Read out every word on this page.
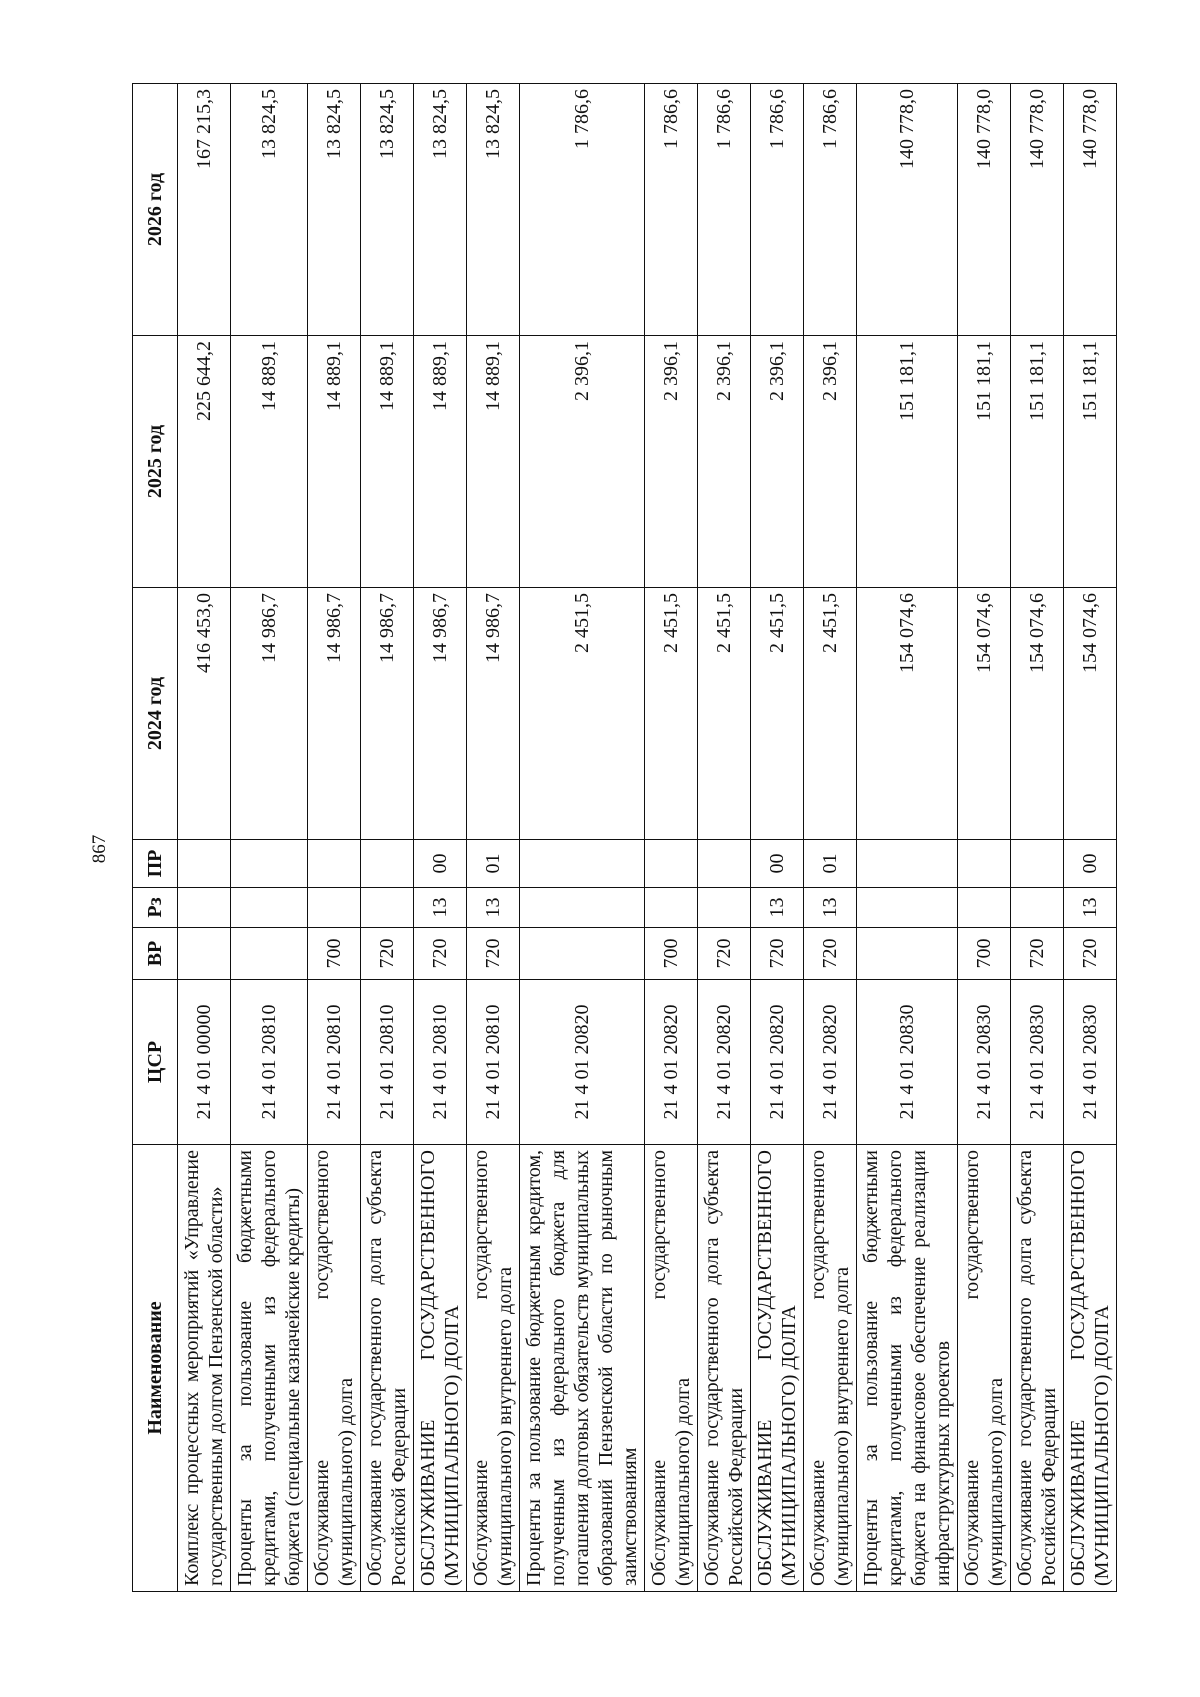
867
Наименование	ЦСР	ВР	Рз	ПР	2024 год	2025 год	2026 год
Комплекс процессных мероприятий «Управление государственным долгом Пензенской области»	21 4 01 00000				416 453,0	225 644,2	167 215,3
Проценты за пользование бюджетными кредитами, полученными из федерального бюджета (специальные казначейские кредиты)	21 4 01 20810				14 986,7	14 889,1	13 824,5
Обслуживание государственного (муниципального) долга	21 4 01 20810	700			14 986,7	14 889,1	13 824,5
Обслуживание государственного долга субъекта Российской Федерации	21 4 01 20810	720			14 986,7	14 889,1	13 824,5
ОБСЛУЖИВАНИЕ ГОСУДАРСТВЕННОГО (МУНИЦИПАЛЬНОГО) ДОЛГА	21 4 01 20810	720	13	00	14 986,7	14 889,1	13 824,5
Обслуживание государственного (муниципального) внутреннего долга	21 4 01 20810	720	13	01	14 986,7	14 889,1	13 824,5
Проценты за пользование бюджетным кредитом, полученным из федерального бюджета для погашения долговых обязательств муниципальных образований Пензенской области по рыночным заимствованиям	21 4 01 20820				2 451,5	2 396,1	1 786,6
Обслуживание государственного (муниципального) долга	21 4 01 20820	700			2 451,5	2 396,1	1 786,6
Обслуживание государственного долга субъекта Российской Федерации	21 4 01 20820	720			2 451,5	2 396,1	1 786,6
ОБСЛУЖИВАНИЕ ГОСУДАРСТВЕННОГО (МУНИЦИПАЛЬНОГО) ДОЛГА	21 4 01 20820	720	13	00	2 451,5	2 396,1	1 786,6
Обслуживание государственного (муниципального) внутреннего долга	21 4 01 20820	720	13	01	2 451,5	2 396,1	1 786,6
Проценты за пользование бюджетными кредитами, полученными из федерального бюджета на финансовое обеспечение реализации инфраструктурных проектов	21 4 01 20830				154 074,6	151 181,1	140 778,0
Обслуживание государственного (муниципального) долга	21 4 01 20830	700			154 074,6	151 181,1	140 778,0
Обслуживание государственного долга субъекта Российской Федерации	21 4 01 20830	720			154 074,6	151 181,1	140 778,0
ОБСЛУЖИВАНИЕ ГОСУДАРСТВЕННОГО (МУНИЦИПАЛЬНОГО) ДОЛГА	21 4 01 20830	720	13	00	154 074,6	151 181,1	140 778,0
